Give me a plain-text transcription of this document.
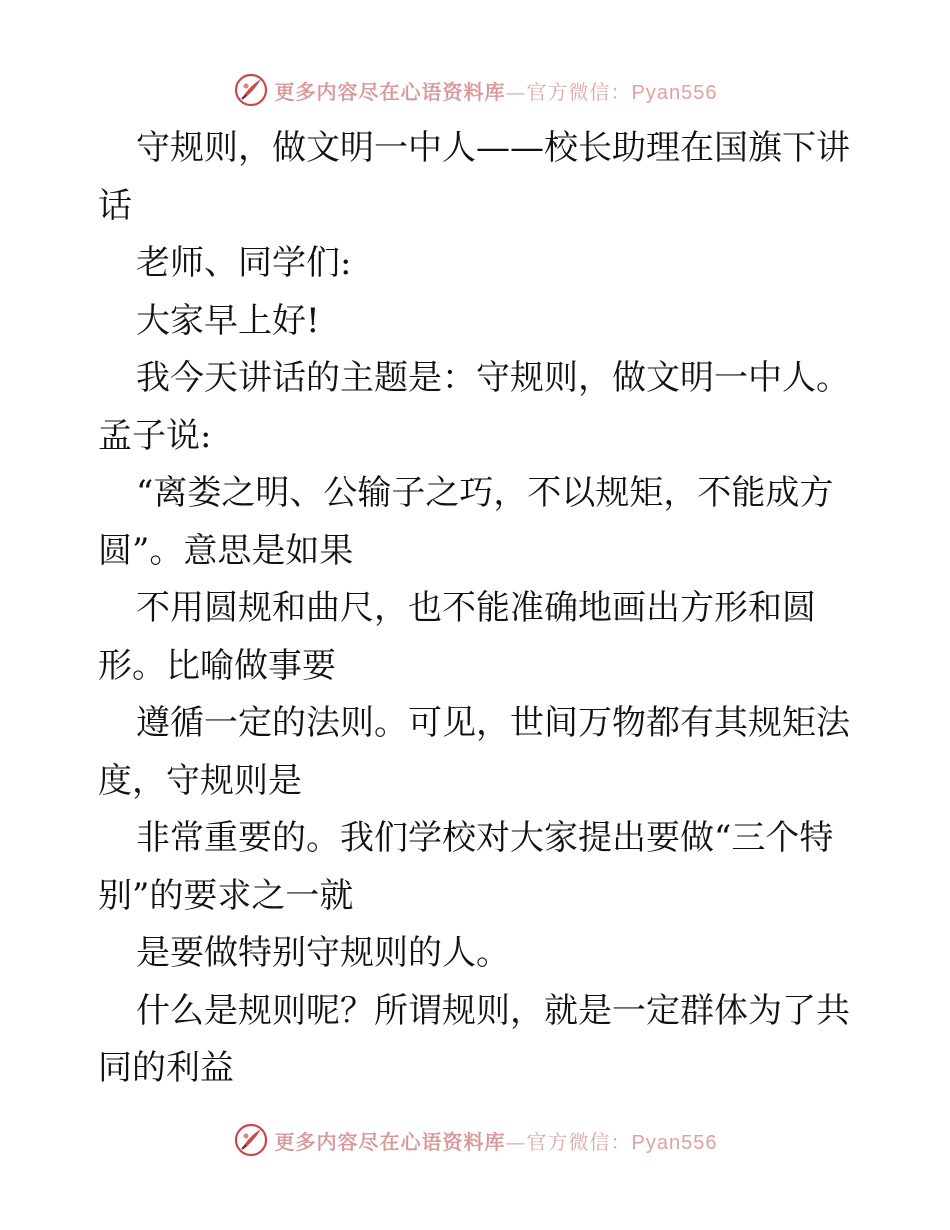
更多内容尽在心语资料库—官方微信：Pyan556
守规则，做文明一中人——校长助理在国旗下讲
话
老师、同学们:
大家早上好!
我今天讲话的主题是：守规则，做文明一中人。
孟子说:
“离娄之明、公输子之巧，不以规矩，不能成方
圆”。意思是如果
不用圆规和曲尺，也不能准确地画出方形和圆
形。比喻做事要
遵循一定的法则。可见，世间万物都有其规矩法
度，守规则是
非常重要的。我们学校对大家提出要做“三个特
别”的要求之一就
是要做特别守规则的人。
什么是规则呢？所谓规则，就是一定群体为了共
同的利益
更多内容尽在心语资料库—官方微信：Pyan556
